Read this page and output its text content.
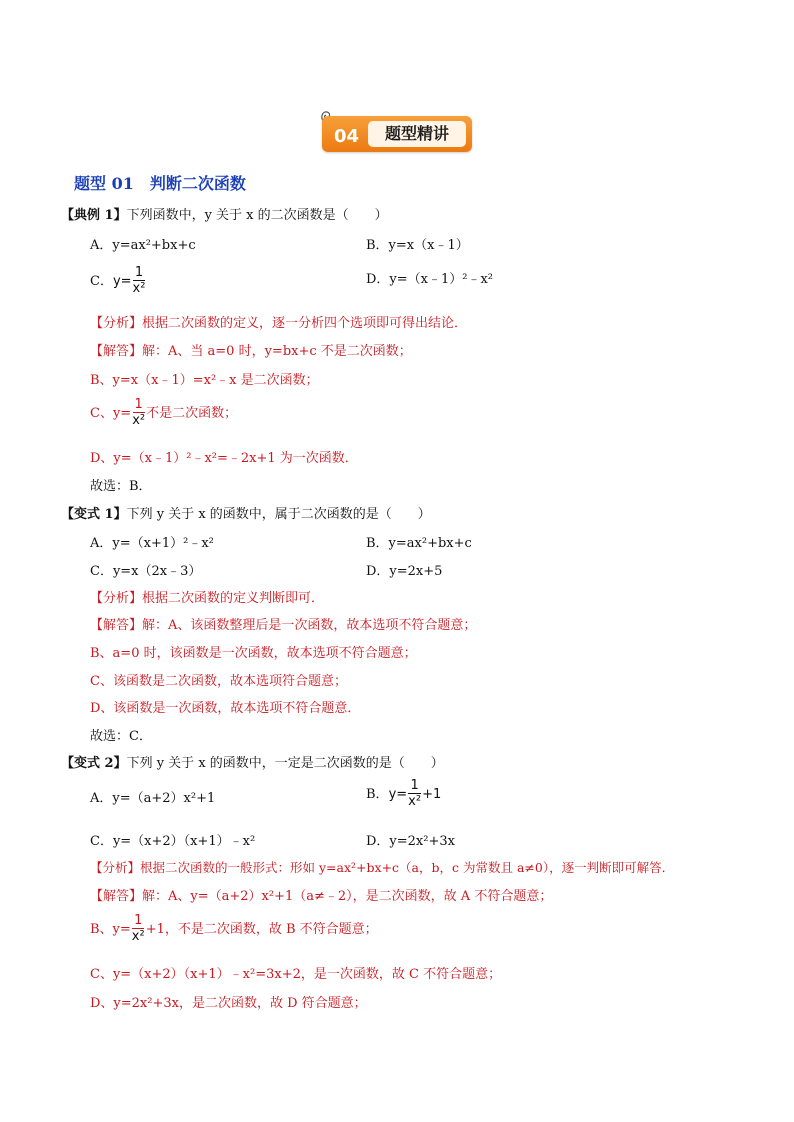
04	题型精讲
题型 01　判断二次函数
【典例 1】下列函数中，y 关于 x 的二次函数是（　　）
A．y=ax²+bx+c	B．y=x（x﹣1）
C． $y= \frac{1}{\text{x²}}$	D．y=（x﹣1）²﹣x²
【分析】根据二次函数的定义，逐一分析四个选项即可得出结论．
【解答】解：A、当 a=0 时，y=bx+c 不是二次函数；
B、y=x（x﹣1）=x²﹣x 是二次函数；
C、$y= \frac{1}{\text{x²}}$ 不是二次函数；
D、y=（x﹣1）²﹣x²=﹣2x+1 为一次函数．
故选：B．
【变式 1】下列 y 关于 x 的函数中，属于二次函数的是（　　）
A．y=（x+1）²﹣x²	B．y=ax²+bx+c
C．y=x（2x﹣3）	D．y=2x+5
【分析】根据二次函数的定义判断即可．
【解答】解：A、该函数整理后是一次函数，故本选项不符合题意；
B、a=0 时，该函数是一次函数，故本选项不符合题意；
C、该函数是二次函数，故本选项符合题意；
D、该函数是一次函数，故本选项不符合题意．
故选：C．
【变式 2】下列 y 关于 x 的函数中，一定是二次函数的是（　　）
A．y=（a+2）x²+1	B． $y= \frac{1}{\text{x²}} +1$
C．y=（x+2）（x+1）﹣x²	D．y=2x²+3x
【分析】根据二次函数的一般形式：形如 y=ax²+bx+c（a，b，c 为常数且 a≠0），逐一判断即可解答．
【解答】解：A、y=（a+2）x²+1（a≠﹣2），是二次函数，故 A 不符合题意；
B、$y= \frac{1}{\text{x²}} +1$，不是二次函数，故 B 不符合题意；
C、y=（x+2）（x+1）﹣x²=3x+2，是一次函数，故 C 不符合题意；
D、y=2x²+3x，是二次函数，故 D 符合题意；
